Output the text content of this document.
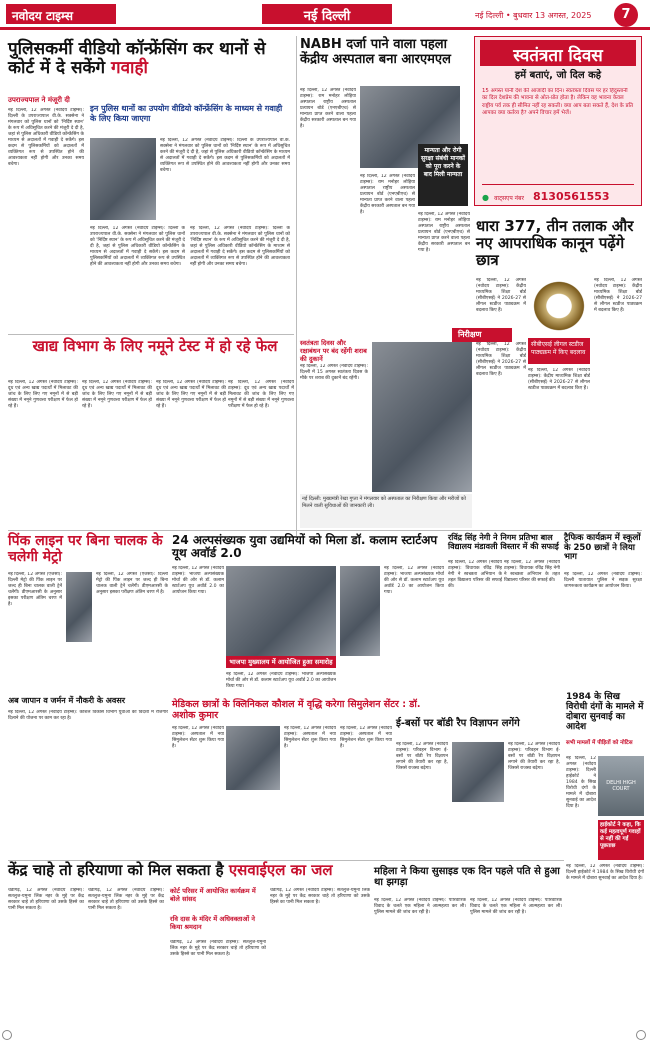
नवोदय टाइम्स	नई दिल्ली	नई दिल्ली • बुधवार 13 अगस्त, 2025	7
पुलिसकर्मी वीडियो कॉन्फ्रेंसिंग कर थानों से कोर्ट में दे सकेंगे गवाही
उपराज्यपाल ने मंजूरी दी
नई दिल्ली, 12 अगस्त (नवोदय टाइम्स): दिल्ली के उपराज्यपाल वी.के. सक्सेना ने मंगलवार को पुलिस थानों को 'निर्दिष्ट स्थान' के रूप में अधिसूचित करने की मंजूरी दे दी है, जहां से पुलिस अधिकारी वीडियो कॉन्फ्रेंसिंग के माध्यम से अदालतों में गवाही दे सकेंगे। इस कदम से पुलिसकर्मियों को अदालतों में व्यक्तिगत रूप से उपस्थित होने की आवश्यकता नहीं होगी और उनका समय बचेगा।
इन पुलिस थानों का उपयोग वीडियो कॉन्फ्रेंसिंग के माध्यम से गवाही के लिए किया जाएगा
नई दिल्ली, 12 अगस्त (नवोदय टाइम्स): दिल्ली के उपराज्यपाल वी.के. सक्सेना ने मंगलवार को पुलिस थानों को 'निर्दिष्ट स्थान' के रूप में अधिसूचित करने की मंजूरी दे दी है, जहां से पुलिस अधिकारी वीडियो कॉन्फ्रेंसिंग के माध्यम से अदालतों में गवाही दे सकेंगे। इस कदम से पुलिसकर्मियों को अदालतों में व्यक्तिगत रूप से उपस्थित होने की आवश्यकता नहीं होगी और उनका समय बचेगा।
नई दिल्ली, 12 अगस्त (नवोदय टाइम्स): दिल्ली के उपराज्यपाल वी.के. सक्सेना ने मंगलवार को पुलिस थानों को 'निर्दिष्ट स्थान' के रूप में अधिसूचित करने की मंजूरी दे दी है, जहां से पुलिस अधिकारी वीडियो कॉन्फ्रेंसिंग के माध्यम से अदालतों में गवाही दे सकेंगे। इस कदम से पुलिसकर्मियों को अदालतों में व्यक्तिगत रूप से उपस्थित होने की आवश्यकता नहीं होगी और उनका समय बचेगा।
नई दिल्ली, 12 अगस्त (नवोदय टाइम्स): दिल्ली के उपराज्यपाल वी.के. सक्सेना ने मंगलवार को पुलिस थानों को 'निर्दिष्ट स्थान' के रूप में अधिसूचित करने की मंजूरी दे दी है, जहां से पुलिस अधिकारी वीडियो कॉन्फ्रेंसिंग के माध्यम से अदालतों में गवाही दे सकेंगे। इस कदम से पुलिसकर्मियों को अदालतों में व्यक्तिगत रूप से उपस्थित होने की आवश्यकता नहीं होगी और उनका समय बचेगा।
NABH दर्जा पाने वाला पहला केंद्रीय अस्पताल बना आरएमएल
नई दिल्ली, 12 अगस्त (नवोदय टाइम्स): राम मनोहर लोहिया अस्पताल राष्ट्रीय अस्पताल प्रत्यायन बोर्ड (एनएबीएच) से मान्यता प्राप्त करने वाला पहला केंद्रीय सरकारी अस्पताल बन गया है।
नई दिल्ली, 12 अगस्त (नवोदय टाइम्स): राम मनोहर लोहिया अस्पताल राष्ट्रीय अस्पताल प्रत्यायन बोर्ड (एनएबीएच) से मान्यता प्राप्त करने वाला पहला केंद्रीय सरकारी अस्पताल बन गया है।
मान्यता और रोगी सुरक्षा संबंधी मानकों को पूरा करने के बाद मिली मान्यता
नई दिल्ली, 12 अगस्त (नवोदय टाइम्स): राम मनोहर लोहिया अस्पताल राष्ट्रीय अस्पताल प्रत्यायन बोर्ड (एनएबीएच) से मान्यता प्राप्त करने वाला पहला केंद्रीय सरकारी अस्पताल बन गया है।
स्वतंत्रता दिवस
हमें बताएं, जो दिल कहे
15 अगस्त यानी देश की आजादी का दिन। स्वतंत्रता दिवस पर हर हिंदुस्तानी का दिल देशप्रेम की भावना से ओत-प्रोत होता है। लेकिन वह भावना केवल राष्ट्रीय पर्व तक ही सीमित नहीं रह सकती। क्या आप बता सकते हैं, देश के प्रति आपका क्या कर्तव्य है? अपने विचार हमें भेजें।
● वाट्सएप नंबर 8130561553
धारा 377, तीन तलाक और नए आपराधिक कानून पढ़ेंगे छात्र
नई दिल्ली, 12 अगस्त (नवोदय टाइम्स): केंद्रीय माध्यमिक शिक्षा बोर्ड (सीबीएसई) ने 2026-27 से लीगल स्टडीज पाठ्यक्रम में बदलाव किए हैं।
सीबीएसई लीगल स्टडीज पाठ्यक्रम में किए बदलाव
नई दिल्ली, 12 अगस्त (नवोदय टाइम्स): केंद्रीय माध्यमिक शिक्षा बोर्ड (सीबीएसई) ने 2026-27 से लीगल स्टडीज पाठ्यक्रम में बदलाव किए हैं।
नई दिल्ली, 12 अगस्त (नवोदय टाइम्स): केंद्रीय माध्यमिक शिक्षा बोर्ड (सीबीएसई) ने 2026-27 से लीगल स्टडीज पाठ्यक्रम में बदलाव किए हैं।
नई दिल्ली, 12 अगस्त (नवोदय टाइम्स): केंद्रीय माध्यमिक शिक्षा बोर्ड (सीबीएसई) ने 2026-27 से लीगल स्टडीज पाठ्यक्रम में बदलाव किए हैं।
खाद्य विभाग के लिए नमूने टेस्ट में हो रहे फेल
नई दिल्ली, 12 अगस्त (नवोदय टाइम्स): दूध एवं अन्य खाद्य पदार्थों में मिलावट की जांच के लिए लिए गए नमूनों में से बड़ी संख्या में नमूने गुणवत्ता परीक्षण में फेल हो रहे हैं।
नई दिल्ली, 12 अगस्त (नवोदय टाइम्स): दूध एवं अन्य खाद्य पदार्थों में मिलावट की जांच के लिए लिए गए नमूनों में से बड़ी संख्या में नमूने गुणवत्ता परीक्षण में फेल हो रहे हैं।
नई दिल्ली, 12 अगस्त (नवोदय टाइम्स): दूध एवं अन्य खाद्य पदार्थों में मिलावट की जांच के लिए लिए गए नमूनों में से बड़ी संख्या में नमूने गुणवत्ता परीक्षण में फेल हो रहे हैं।
नई दिल्ली, 12 अगस्त (नवोदय टाइम्स): दूध एवं अन्य खाद्य पदार्थों में मिलावट की जांच के लिए लिए गए नमूनों में से बड़ी संख्या में नमूने गुणवत्ता परीक्षण में फेल हो रहे हैं।
निरीक्षण
स्वतंत्रता दिवस और रक्षाबंधन पर बंद रहेंगी शराब की दुकानें
नई दिल्ली, 12 अगस्त (नवोदय टाइम्स): दिल्ली में 15 अगस्त स्वतंत्रता दिवस के मौके पर शराब की दुकानें बंद रहेंगी।
नई दिल्ली: मुख्यमंत्री रेखा गुप्ता ने मंगलवार को अस्पताल का निरीक्षण किया और मरीजों को मिलने वाली सुविधाओं की जानकारी ली।
पिंक लाइन पर बिना चालक के चलेगी मेट्रो
नई दिल्ली, 12 अगस्त (एजेंसी): दिल्ली मेट्रो की पिंक लाइन पर जल्द ही बिना चालक वाली ट्रेनें चलेंगी। डीएमआरसी के अनुसार इसका परीक्षण अंतिम चरण में है।
नई दिल्ली, 12 अगस्त (एजेंसी): दिल्ली मेट्रो की पिंक लाइन पर जल्द ही बिना चालक वाली ट्रेनें चलेंगी। डीएमआरसी के अनुसार इसका परीक्षण अंतिम चरण में है।
अब जापान व जर्मन में नौकरी के अवसर
नई दिल्ली, 12 अगस्त (नवोदय टाइम्स): कौशल विकास विभाग युवाओं को विदेशों में रोजगार दिलाने की योजना पर काम कर रहा है।
24 अल्पसंख्यक युवा उद्यमियों को मिला डॉ. कलाम स्टार्टअप यूथ अवॉर्ड 2.0
नई दिल्ली, 12 अगस्त (नवोदय टाइम्स): भाजपा अल्पसंख्यक मोर्चा की ओर से डॉ. कलाम स्टार्टअप यूथ अवॉर्ड 2.0 का आयोजन किया गया।
भाजपा मुख्यालय में आयोजित हुआ समारोह
नई दिल्ली, 12 अगस्त (नवोदय टाइम्स): भाजपा अल्पसंख्यक मोर्चा की ओर से डॉ. कलाम स्टार्टअप यूथ अवॉर्ड 2.0 का आयोजन किया गया।
नई दिल्ली, 12 अगस्त (नवोदय टाइम्स): भाजपा अल्पसंख्यक मोर्चा की ओर से डॉ. कलाम स्टार्टअप यूथ अवॉर्ड 2.0 का आयोजन किया गया।
रविंद्र सिंह नेगी ने निगम प्रतिभा बाल विद्यालय मंडावली विस्तार में की सफाई
नई दिल्ली, 12 अगस्त (नवोदय टाइम्स): विधायक रविंद्र सिंह नेगी ने स्वच्छता अभियान के तहत विद्यालय परिसर की सफाई की।
नई दिल्ली, 12 अगस्त (नवोदय टाइम्स): विधायक रविंद्र सिंह नेगी ने स्वच्छता अभियान के तहत विद्यालय परिसर की सफाई की।
ट्रैफिक कार्यक्रम में स्कूलों के 250 छात्रों ने लिया भाग
नई दिल्ली, 12 अगस्त (नवोदय टाइम्स): दिल्ली यातायात पुलिस ने सड़क सुरक्षा जागरूकता कार्यक्रम का आयोजन किया।
मेडिकल छात्रों के क्लिनिकल कौशल में वृद्धि करेगा सिमुलेशन सेंटर : डॉ. अशोक कुमार
नई दिल्ली, 12 अगस्त (नवोदय टाइम्स): अस्पताल में नया सिमुलेशन सेंटर शुरू किया गया है।
नई दिल्ली, 12 अगस्त (नवोदय टाइम्स): अस्पताल में नया सिमुलेशन सेंटर शुरू किया गया है।
नई दिल्ली, 12 अगस्त (नवोदय टाइम्स): अस्पताल में नया सिमुलेशन सेंटर शुरू किया गया है।
ई-बसों पर बॉडी रैप विज्ञापन लगेंगे
नई दिल्ली, 12 अगस्त (नवोदय टाइम्स): परिवहन विभाग ई-बसों पर बॉडी रैप विज्ञापन लगाने की तैयारी कर रहा है, जिससे राजस्व बढ़ेगा।
नई दिल्ली, 12 अगस्त (नवोदय टाइम्स): परिवहन विभाग ई-बसों पर बॉडी रैप विज्ञापन लगाने की तैयारी कर रहा है, जिससे राजस्व बढ़ेगा।
1984 के सिख विरोधी दंगों के मामले में दोबारा सुनवाई का आदेश
सभी मामलों में पीड़ितों को नोटिस
नई दिल्ली, 12 अगस्त (नवोदय टाइम्स): दिल्ली हाईकोर्ट ने 1984 के सिख विरोधी दंगों के मामले में दोबारा सुनवाई का आदेश दिया है।
DELHI HIGH COURT
हाईकोर्ट ने कहा, कि कई महत्वपूर्ण गवाहों से नहीं की गई पूछताछ
नई दिल्ली, 12 अगस्त (नवोदय टाइम्स): दिल्ली हाईकोर्ट ने 1984 के सिख विरोधी दंगों के मामले में दोबारा सुनवाई का आदेश दिया है।
केंद्र चाहे तो हरियाणा को मिल सकता है एसवाईएल का जल
चंडीगढ़, 12 अगस्त (नवोदय टाइम्स): सतलुज-यमुना लिंक नहर के मुद्दे पर केंद्र सरकार चाहे तो हरियाणा को उसके हिस्से का पानी मिल सकता है।
चंडीगढ़, 12 अगस्त (नवोदय टाइम्स): सतलुज-यमुना लिंक नहर के मुद्दे पर केंद्र सरकार चाहे तो हरियाणा को उसके हिस्से का पानी मिल सकता है।
कोर्ट परिसर में आयोजित कार्यक्रम में बोले सांसद
रवि दास के मंदिर में अधिवक्ताओं ने किया श्रमदान
चंडीगढ़, 12 अगस्त (नवोदय टाइम्स): सतलुज-यमुना लिंक नहर के मुद्दे पर केंद्र सरकार चाहे तो हरियाणा को उसके हिस्से का पानी मिल सकता है।
चंडीगढ़, 12 अगस्त (नवोदय टाइम्स): सतलुज-यमुना लिंक नहर के मुद्दे पर केंद्र सरकार चाहे तो हरियाणा को उसके हिस्से का पानी मिल सकता है।
महिला ने किया सुसाइड एक दिन पहले पति से हुआ था झगड़ा
नई दिल्ली, 12 अगस्त (नवोदय टाइम्स): पारिवारिक विवाद के चलते एक महिला ने आत्महत्या कर ली। पुलिस मामले की जांच कर रही है।
नई दिल्ली, 12 अगस्त (नवोदय टाइम्स): पारिवारिक विवाद के चलते एक महिला ने आत्महत्या कर ली। पुलिस मामले की जांच कर रही है।
